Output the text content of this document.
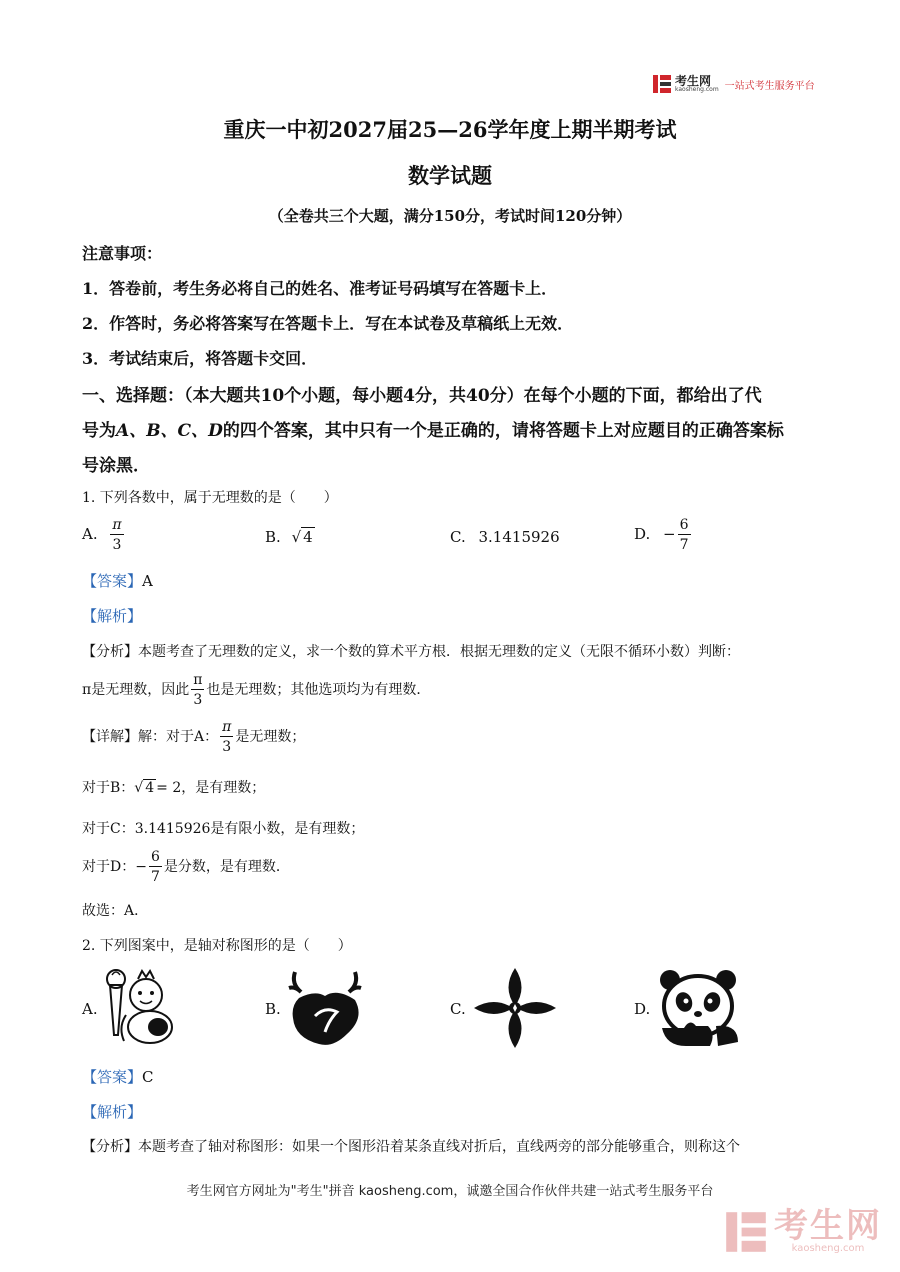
考生网
kaosheng.com 一站式考生服务平台
重庆一中初2027届25—26学年度上期半期考试
数学试题
（全卷共三个大题，满分150分，考试时间120分钟）
注意事项：
1．答卷前，考生务必将自己的姓名、准考证号码填写在答题卡上．
2．作答时，务必将答案写在答题卡上．写在本试卷及草稿纸上无效．
3．考试结束后，将答题卡交回．
一、选择题：（本大题共10个小题，每小题4分，共40分）在每个小题的下面，都给出了代
号为A、B、C、D的四个答案，其中只有一个是正确的，请将答题卡上对应题目的正确答案标
号涂黑．
1. 下列各数中，属于无理数的是（　　）
A. $\frac{\pi}{3}$	B. √ 4	C. 3.1415926	D. − $\frac{6}{7}$
【答案】A
【解析】
【分析】本题考查了无理数的定义，求一个数的算术平方根．根据无理数的定义（无限不循环小数）判断：
π是无理数，因此 $\frac{\pi}{3}$ 也是无理数；其他选项均为有理数．
【详解】解：对于A： $\frac{\pi}{3}$ 是无理数；
对于B：√ 4 = 2，是有理数；
对于C：3.1415926是有限小数，是有理数；
对于D：− $\frac{6}{7}$ 是分数，是有理数．
故选：A．
2. 下列图案中，是轴对称图形的是（　　）
A.	B.	C.	D.
【答案】C
【解析】
【分析】本题考查了轴对称图形：如果一个图形沿着某条直线对折后，直线两旁的部分能够重合，则称这个
考生网官方网址为"考生"拼音 kaosheng.com，诚邀全国合作伙伴共建一站式考生服务平台
考生网
kaosheng.com
